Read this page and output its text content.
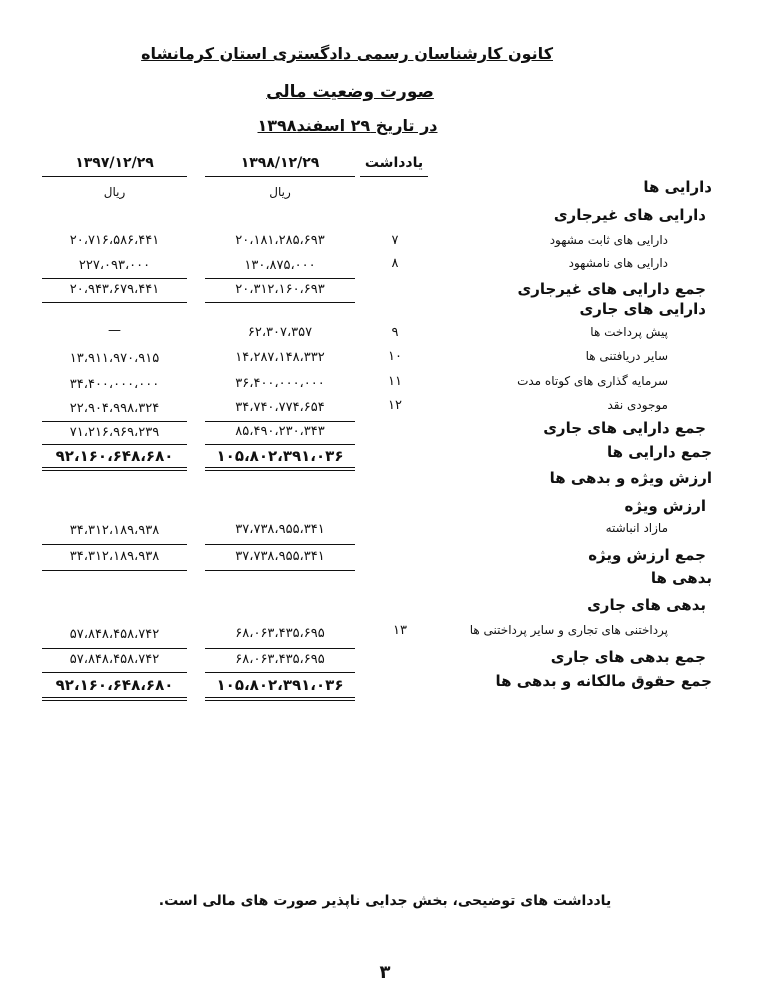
کانون کارشناسان رسمی دادگستری استان کرمانشاه
صورت وضعیت مالی
در تاریخ ۲۹ اسفند۱۳۹۸
یادداشت
۱۳۹۸/۱۲/۲۹
۱۳۹۷/۱۲/۲۹
ریال
ریال	دارایی ها
دارایی های غیرجاری
دارایی های ثابت مشهود
۷
۲۰،۱۸۱،۲۸۵،۶۹۳
۲۰،۷۱۶،۵۸۶،۴۴۱
دارایی های نامشهود
۸
۱۳۰،۸۷۵،۰۰۰
۲۲۷،۰۹۳،۰۰۰
جمع دارایی های غیرجاری
۲۰،۳۱۲،۱۶۰،۶۹۳
۲۰،۹۴۳،۶۷۹،۴۴۱
دارایی های جاری
پیش پرداخت ها
۹
۶۲،۳۰۷،۳۵۷
—
سایر دریافتنی ها
۱۰
۱۴،۲۸۷،۱۴۸،۳۳۲
۱۳،۹۱۱،۹۷۰،۹۱۵
سرمایه گذاری های کوتاه مدت
۱۱
۳۶،۴۰۰،۰۰۰،۰۰۰
۳۴،۴۰۰،۰۰۰،۰۰۰
موجودی نقد
۱۲
۳۴،۷۴۰،۷۷۴،۶۵۴
۲۲،۹۰۴،۹۹۸،۳۲۴
جمع دارایی های جاری
۸۵،۴۹۰،۲۳۰،۳۴۳
۷۱،۲۱۶،۹۶۹،۲۳۹
جمع دارایی ها
۱۰۵،۸۰۲،۳۹۱،۰۳۶
۹۲،۱۶۰،۶۴۸،۶۸۰
ارزش ویژه و بدهی ها
ارزش ویژه
مازاد انباشته
۳۷،۷۳۸،۹۵۵،۳۴۱
۳۴،۳۱۲،۱۸۹،۹۳۸
جمع ارزش ویژه
۳۷،۷۳۸،۹۵۵،۳۴۱
۳۴،۳۱۲،۱۸۹،۹۳۸
بدهی ها
بدهی های جاری
پرداختنی های تجاری و سایر پرداختنی ها
۱۳
۶۸،۰۶۳،۴۳۵،۶۹۵
۵۷،۸۴۸،۴۵۸،۷۴۲
جمع بدهی های جاری
۶۸،۰۶۳،۴۳۵،۶۹۵
۵۷،۸۴۸،۴۵۸،۷۴۲
جمع حقوق مالکانه و بدهی ها
۱۰۵،۸۰۲،۳۹۱،۰۳۶
۹۲،۱۶۰،۶۴۸،۶۸۰
یادداشت های توضیحی، بخش جدایی ناپذیر صورت های مالی است.
۳
